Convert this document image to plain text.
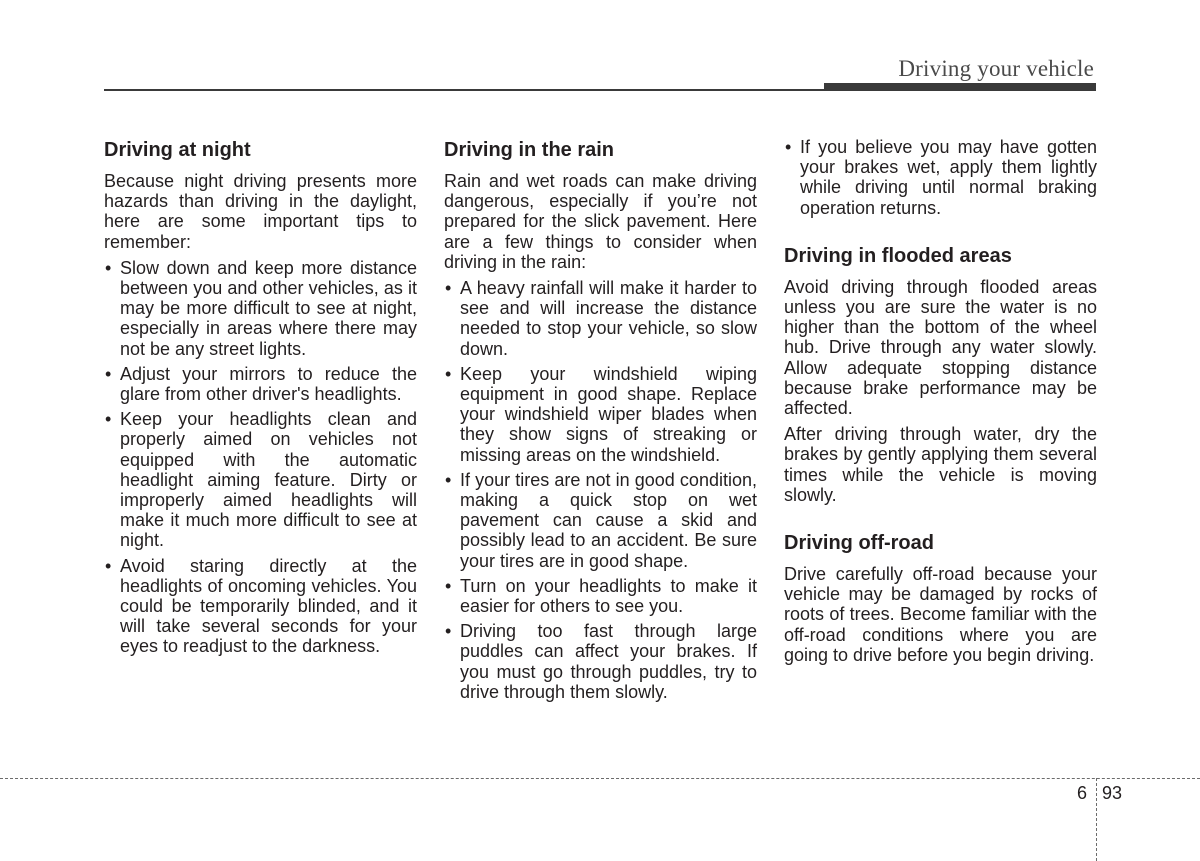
Driving your vehicle
Driving at night

Because night driving presents more hazards than driving in the daylight, here are some important tips to remember:

• Slow down and keep more distance between you and other vehicles, as it may be more difficult to see at night, especially in areas where there may not be any street lights.
• Adjust your mirrors to reduce the glare from other driver's headlights.
• Keep your headlights clean and properly aimed on vehicles not equipped with the automatic headlight aiming feature. Dirty or improperly aimed headlights will make it much more difficult to see at night.
• Avoid staring directly at the headlights of oncoming vehicles. You could be temporarily blinded, and it will take several seconds for your eyes to readjust to the darkness.
Driving in the rain

Rain and wet roads can make driving dangerous, especially if you’re not prepared for the slick pavement. Here are a few things to consider when driving in the rain:

• A heavy rainfall will make it harder to see and will increase the distance needed to stop your vehicle, so slow down.
• Keep your windshield wiping equipment in good shape. Replace your windshield wiper blades when they show signs of streaking or missing areas on the windshield.
• If your tires are not in good condition, making a quick stop on wet pavement can cause a skid and possibly lead to an accident. Be sure your tires are in good shape.
• Turn on your headlights to make it easier for others to see you.
• Driving too fast through large puddles can affect your brakes. If you must go through puddles, try to drive through them slowly.
• If you believe you may have gotten your brakes wet, apply them lightly while driving until normal braking operation returns.
Driving in flooded areas

Avoid driving through flooded areas unless you are sure the water is no higher than the bottom of the wheel hub. Drive through any water slowly. Allow adequate stopping distance because brake performance may be affected.

After driving through water, dry the brakes by gently applying them several times while the vehicle is moving slowly.

Driving off-road

Drive carefully off-road because your vehicle may be damaged by rocks of roots of trees. Become familiar with the off-road conditions where you are going to drive before you begin driving.

6 93
